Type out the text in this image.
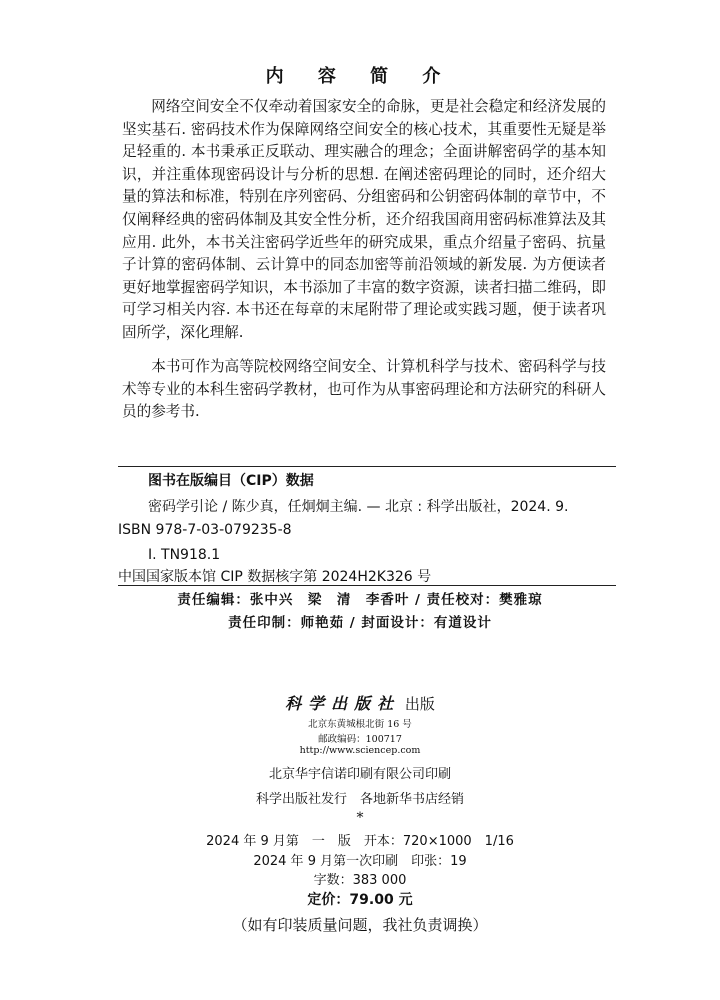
内 容 简 介
网络空间安全不仅牵动着国家安全的命脉，更是社会稳定和经济发展的坚实基石. 密码技术作为保障网络空间安全的核心技术，其重要性无疑是举足轻重的. 本书秉承正反联动、理实融合的理念；全面讲解密码学的基本知识，并注重体现密码设计与分析的思想. 在阐述密码理论的同时，还介绍大量的算法和标准，特别在序列密码、分组密码和公钥密码体制的章节中，不仅阐释经典的密码体制及其安全性分析，还介绍我国商用密码标准算法及其应用. 此外，本书关注密码学近些年的研究成果，重点介绍量子密码、抗量子计算的密码体制、云计算中的同态加密等前沿领域的新发展. 为方便读者更好地掌握密码学知识，本书添加了丰富的数字资源，读者扫描二维码，即可学习相关内容. 本书还在每章的末尾附带了理论或实践习题，便于读者巩固所学，深化理解.
本书可作为高等院校网络空间安全、计算机科学与技术、密码科学与技术等专业的本科生密码学教材，也可作为从事密码理论和方法研究的科研人员的参考书.
图书在版编目（CIP）数据
密码学引论 / 陈少真，任炯炯主编. — 北京 : 科学出版社，2024. 9.
ISBN 978-7-03-079235-8
Ⅰ. TN918.1
中国国家版本馆 CIP 数据核字第 2024H2K326 号
责任编辑：张中兴　梁　清　李香叶 / 责任校对：樊雅琼
责任印制：师艳茹 / 封面设计：有道设计
科学出版社 出版
北京东黄城根北街 16 号
邮政编码：100717
http://www.sciencep.com
北京华宇信诺印刷有限公司印刷
科学出版社发行　各地新华书店经销
*
2024 年 9 月第　一　版　开本：720×1000　1/16
2024 年 9 月第一次印刷　印张：19
字数：383 000
定价：79.00 元
（如有印装质量问题，我社负责调换）
